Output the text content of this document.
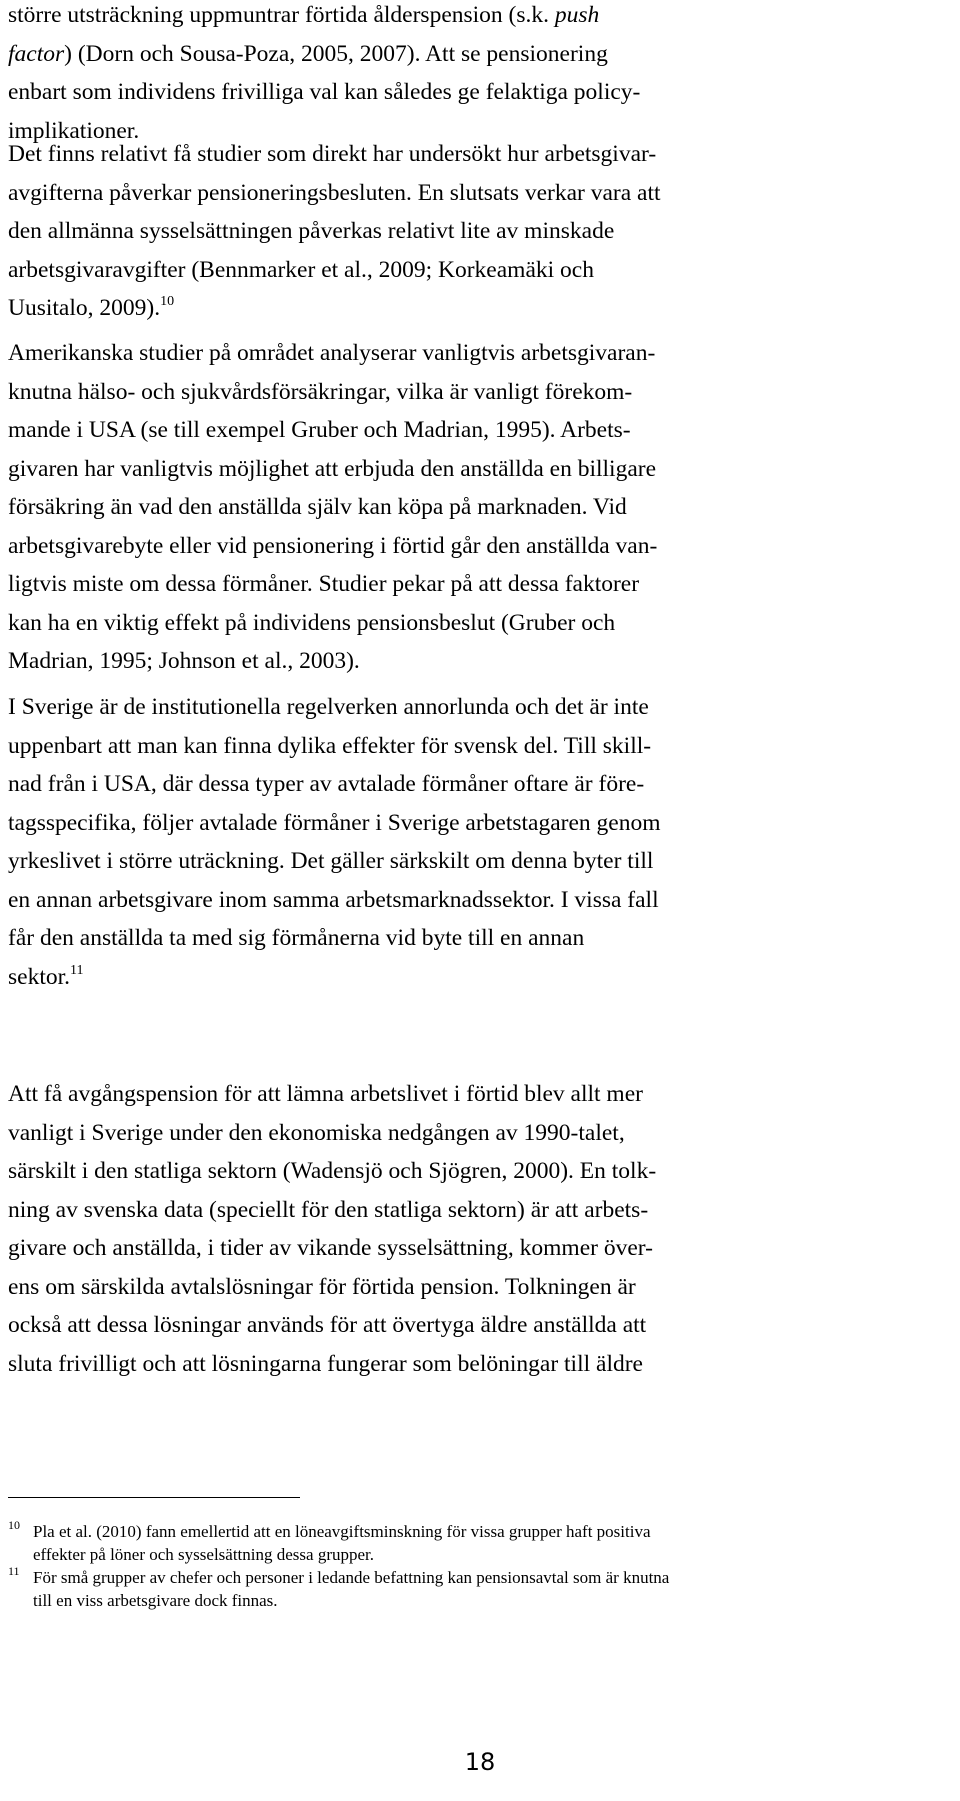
större utsträckning uppmuntrar förtida ålderspension (s.k. push
factor) (Dorn och Sousa-Poza, 2005, 2007). Att se pensionering
enbart som individens frivilliga val kan således ge felaktiga policy-
implikationer.

Det finns relativt få studier som direkt har undersökt hur arbetsgivar-
avgifterna påverkar pensioneringsbesluten. En slutsats verkar vara att
den allmänna sysselsättningen påverkas relativt lite av minskade
arbetsgivaravgifter (Bennmarker et al., 2009; Korkeamäki och
Uusitalo, 2009).$^{10}$

Amerikanska studier på området analyserar vanligtvis arbetsgivaran-
knutna hälso- och sjukvårdsförsäkringar, vilka är vanligt förekom-
mande i USA (se till exempel Gruber och Madrian, 1995). Arbets-
givaren har vanligtvis möjlighet att erbjuda den anställda en billigare
försäkring än vad den anställda själv kan köpa på marknaden. Vid
arbetsgivarebyte eller vid pensionering i förtid går den anställda van-
ligtvis miste om dessa förmåner. Studier pekar på att dessa faktorer
kan ha en viktig effekt på individens pensionsbeslut (Gruber och
Madrian, 1995; Johnson et al., 2003).

I Sverige är de institutionella regelverken annorlunda och det är inte
uppenbart att man kan finna dylika effekter för svensk del. Till skill-
nad från i USA, där dessa typer av avtalade förmåner oftare är före-
tagsspecifika, följer avtalade förmåner i Sverige arbetstagaren genom
yrkeslivet i större uträckning. Det gäller särkskilt om denna byter till
en annan arbetsgivare inom samma arbetsmarknadssektor. I vissa fall
får den anställda ta med sig förmånerna vid byte till en annan
sektor.$^{11}$

Att få avgångspension för att lämna arbetslivet i förtid blev allt mer
vanligt i Sverige under den ekonomiska nedgången av 1990-talet,
särskilt i den statliga sektorn (Wadensjö och Sjögren, 2000). En tolk-
ning av svenska data (speciellt för den statliga sektorn) är att arbets-
givare och anställda, i tider av vikande sysselsättning, kommer över-
ens om särskilda avtalslösningar för förtida pension. Tolkningen är
också att dessa lösningar används för att övertyga äldre anställda att
sluta frivilligt och att lösningarna fungerar som belöningar till äldre

10 Pla et al. (2010) fann emellertid att en löneavgiftsminskning för vissa grupper haft positiva
effekter på löner och sysselsättning dessa grupper.
11 För små grupper av chefer och personer i ledande befattning kan pensionsavtal som är knutna
till en viss arbetsgivare dock finnas.
18
